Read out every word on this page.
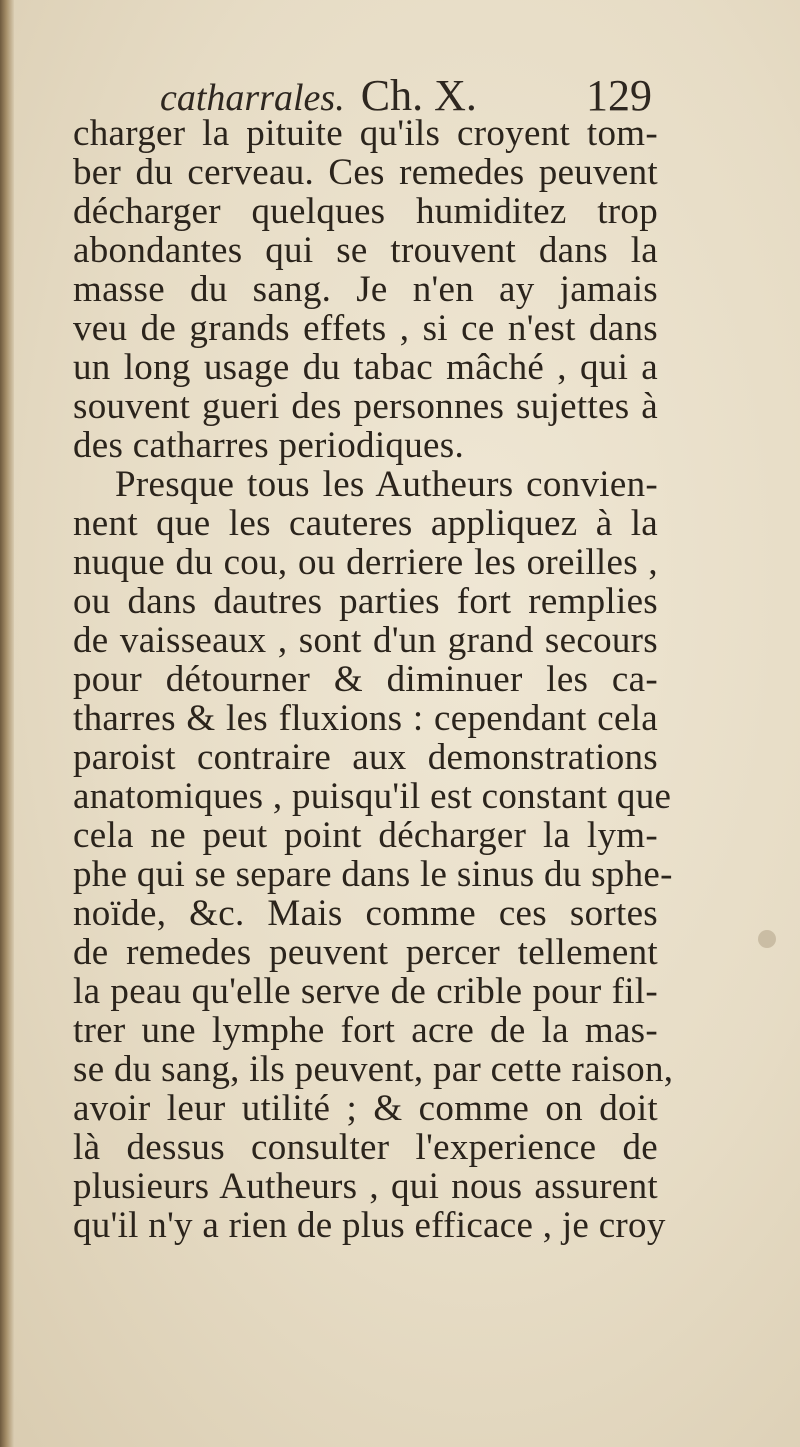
catharrales. Ch. X. 129
charger la pituite qu'ils croyent tom-
ber du cerveau. Ces remedes peuvent
décharger quelques humiditez trop
abondantes qui se trouvent dans la
masse du sang. Je n'en ay jamais
veu de grands effets , si ce n'est dans
un long usage du tabac mâché , qui a
souvent gueri des personnes sujettes à
des catharres periodiques.
Presque tous les Autheurs convien-
nent que les cauteres appliquez à la
nuque du cou, ou derriere les oreilles ,
ou dans dautres parties fort remplies
de vaisseaux , sont d'un grand secours
pour détourner & diminuer les ca-
tharres & les fluxions : cependant cela
paroist contraire aux demonstrations
anatomiques , puisqu'il est constant que
cela ne peut point décharger la lym-
phe qui se separe dans le sinus du sphe-
noïde, &c. Mais comme ces sortes
de remedes peuvent percer tellement
la peau qu'elle serve de crible pour fil-
trer une lymphe fort acre de la mas-
se du sang, ils peuvent, par cette raison,
avoir leur utilité ; & comme on doit
là dessus consulter l'experience de
plusieurs Autheurs , qui nous assurent
qu'il n'y a rien de plus efficace , je croy
